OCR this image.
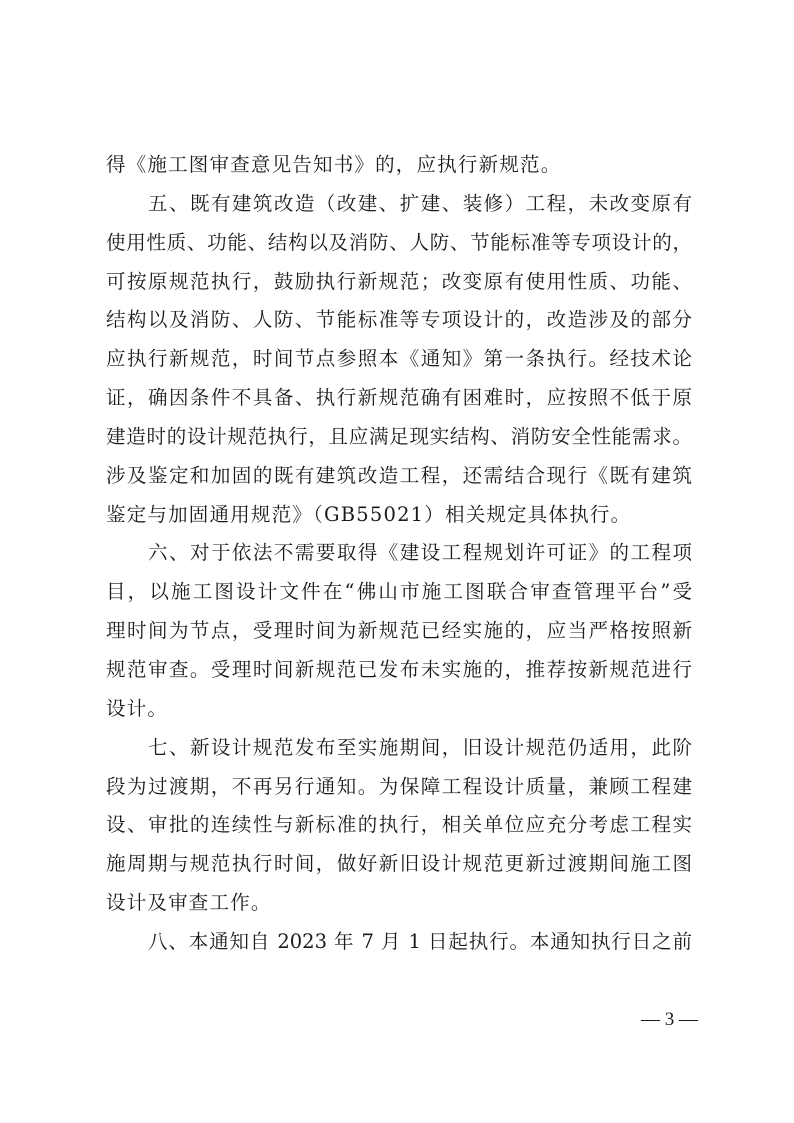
得《施工图审查意见告知书》的，应执行新规范。
五、既有建筑改造（改建、扩建、装修）工程，未改变原有
使用性质、功能、结构以及消防、人防、节能标准等专项设计的，
可按原规范执行，鼓励执行新规范；改变原有使用性质、功能、
结构以及消防、人防、节能标准等专项设计的，改造涉及的部分
应执行新规范，时间节点参照本《通知》第一条执行。经技术论
证，确因条件不具备、执行新规范确有困难时，应按照不低于原
建造时的设计规范执行，且应满足现实结构、消防安全性能需求。
涉及鉴定和加固的既有建筑改造工程，还需结合现行《既有建筑
鉴定与加固通用规范》（GB55021）相关规定具体执行。
六、对于依法不需要取得《建设工程规划许可证》的工程项
目，以施工图设计文件在“佛山市施工图联合审查管理平台”受
理时间为节点，受理时间为新规范已经实施的，应当严格按照新
规范审查。受理时间新规范已发布未实施的，推荐按新规范进行
设计。
七、新设计规范发布至实施期间，旧设计规范仍适用，此阶
段为过渡期，不再另行通知。为保障工程设计质量，兼顾工程建
设、审批的连续性与新标准的执行，相关单位应充分考虑工程实
施周期与规范执行时间，做好新旧设计规范更新过渡期间施工图
设计及审查工作。
八、本通知自 2023 年 7 月 1 日起执行。本通知执行日之前
— 3 —
